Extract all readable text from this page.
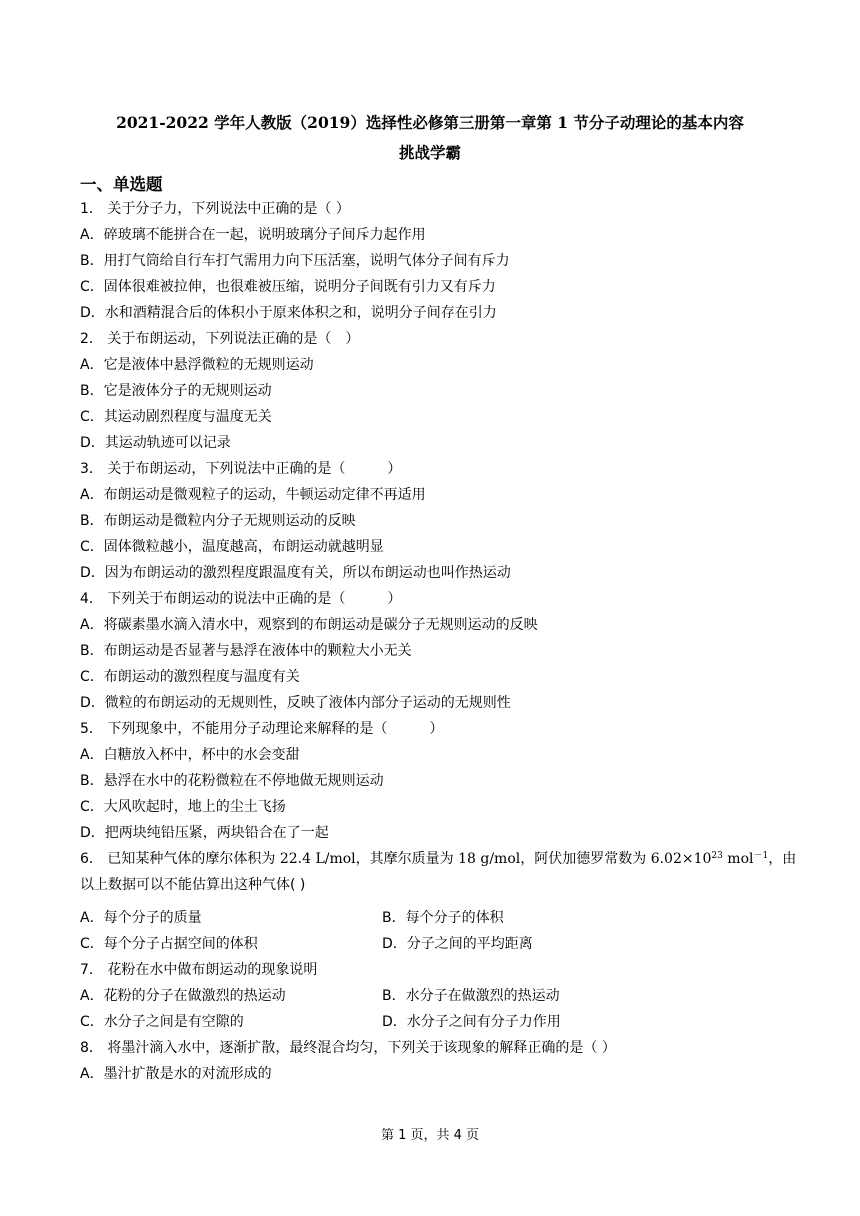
2021-2022 学年人教版（2019）选择性必修第三册第一章第 1 节分子动理论的基本内容
挑战学霸
一、单选题
1． 关于分子力，下列说法中正确的是（ ）
A．碎玻璃不能拼合在一起，说明玻璃分子间斥力起作用
B．用打气筒给自行车打气需用力向下压活塞，说明气体分子间有斥力
C．固体很难被拉伸，也很难被压缩，说明分子间既有引力又有斥力
D．水和酒精混合后的体积小于原来体积之和，说明分子间存在引力
2． 关于布朗运动，下列说法正确的是（　）
A．它是液体中悬浮微粒的无规则运动
B．它是液体分子的无规则运动
C．其运动剧烈程度与温度无关
D．其运动轨迹可以记录
3． 关于布朗运动，下列说法中正确的是（　　　）
A．布朗运动是微观粒子的运动，牛顿运动定律不再适用
B．布朗运动是微粒内分子无规则运动的反映
C．固体微粒越小，温度越高，布朗运动就越明显
D．因为布朗运动的激烈程度跟温度有关，所以布朗运动也叫作热运动
4． 下列关于布朗运动的说法中正确的是（　　　）
A．将碳素墨水滴入清水中，观察到的布朗运动是碳分子无规则运动的反映
B．布朗运动是否显著与悬浮在液体中的颗粒大小无关
C．布朗运动的激烈程度与温度有关
D．微粒的布朗运动的无规则性，反映了液体内部分子运动的无规则性
5． 下列现象中，不能用分子动理论来解释的是（　　　）
A．白糖放入杯中，杯中的水会变甜
B．悬浮在水中的花粉微粒在不停地做无规则运动
C．大风吹起时，地上的尘土飞扬
D．把两块纯铅压紧，两块铅合在了一起
6． 已知某种气体的摩尔体积为 22.4 L/mol，其摩尔质量为 18 g/mol，阿伏加德罗常数为 $6.02\times 10^{23}$ mol$^{-1}$，由
以上数据可以不能估算出这种气体( )
A．每个分子的质量	B．每个分子的体积
C．每个分子占据空间的体积	D．分子之间的平均距离
7． 花粉在水中做布朗运动的现象说明
A．花粉的分子在做激烈的热运动	B．水分子在做激烈的热运动
C．水分子之间是有空隙的	D．水分子之间有分子力作用
8． 将墨汁滴入水中，逐渐扩散，最终混合均匀，下列关于该现象的解释正确的是（ ）
A．墨汁扩散是水的对流形成的
第 1 页，共 4 页
